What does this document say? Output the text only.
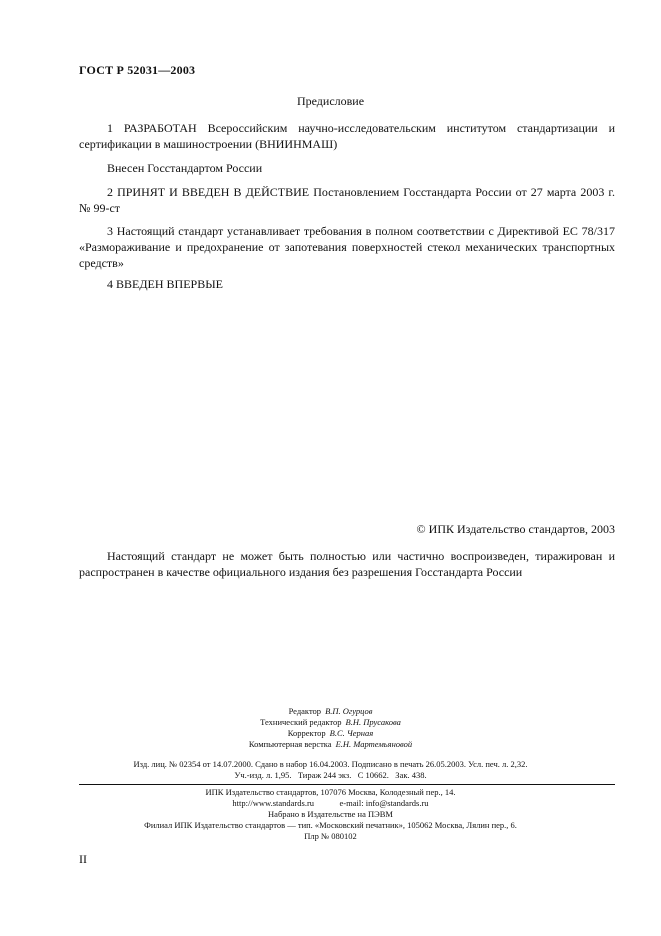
ГОСТ Р 52031—2003
Предисловие
1 РАЗРАБОТАН Всероссийским научно-исследовательским институтом стандартизации и сертификации в машиностроении (ВНИИНМАШ)
Внесен Госстандартом России
2 ПРИНЯТ И ВВЕДЕН В ДЕЙСТВИЕ Постановлением Госстандарта России от 27 марта 2003 г. № 99-ст
3 Настоящий стандарт устанавливает требования в полном соответствии с Директивой ЕС 78/317 «Размораживание и предохранение от запотевания поверхностей стекол механических транспортных средств»
4 ВВЕДЕН ВПЕРВЫЕ
© ИПК Издательство стандартов, 2003
Настоящий стандарт не может быть полностью или частично воспроизведен, тиражирован и распространен в качестве официального издания без разрешения Госстандарта России
Редактор В.П. Огурцов
Технический редактор В.Н. Прусакова
Корректор В.С. Черная
Компьютерная верстка Е.Н. Мартемьяновой
Изд. лиц. № 02354 от 14.07.2000. Сдано в набор 16.04.2003. Подписано в печать 26.05.2003. Усл. печ. л. 2,32.
Уч.-изд. л. 1,95.   Тираж 244 экз.   С 10662.   Зак. 438.
ИПК Издательство стандартов, 107076 Москва, Колодезный пер., 14.
http://www.standards.ru            e-mail: info@standards.ru
Набрано в Издательстве на ПЭВМ
Филиал ИПК Издательство стандартов — тип. «Московский печатник», 105062 Москва, Лялин пер., 6.
Плр № 080102
II
